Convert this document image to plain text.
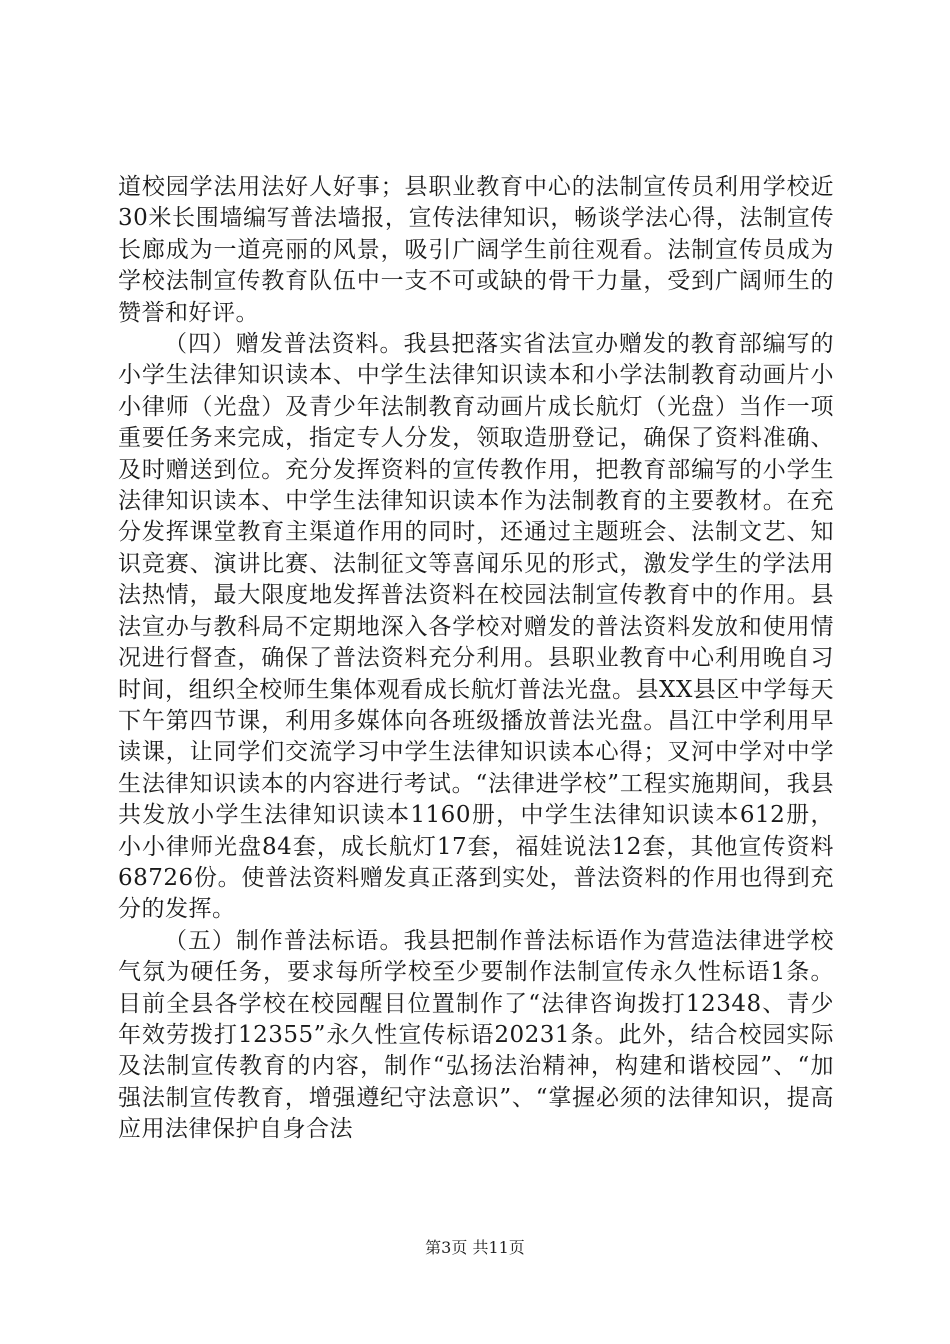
道校园学法用法好人好事；县职业教育中心的法制宣传员利用学校近30米长围墙编写普法墙报，宣传法律知识，畅谈学法心得，法制宣传长廊成为一道亮丽的风景，吸引广阔学生前往观看。法制宣传员成为学校法制宣传教育队伍中一支不可或缺的骨干力量，受到广阔师生的赞誉和好评。

（四）赠发普法资料。我县把落实省法宣办赠发的教育部编写的小学生法律知识读本、中学生法律知识读本和小学法制教育动画片小小律师（光盘）及青少年法制教育动画片成长航灯（光盘）当作一项重要任务来完成，指定专人分发，领取造册登记，确保了资料准确、及时赠送到位。充分发挥资料的宣传教作用，把教育部编写的小学生法律知识读本、中学生法律知识读本作为法制教育的主要教材。在充分发挥课堂教育主渠道作用的同时，还通过主题班会、法制文艺、知识竞赛、演讲比赛、法制征文等喜闻乐见的形式，激发学生的学法用法热情，最大限度地发挥普法资料在校园法制宣传教育中的作用。县法宣办与教科局不定期地深入各学校对赠发的普法资料发放和使用情况进行督查，确保了普法资料充分利用。县职业教育中心利用晚自习时间，组织全校师生集体观看成长航灯普法光盘。县XX县区中学每天下午第四节课，利用多媒体向各班级播放普法光盘。昌江中学利用早读课，让同学们交流学习中学生法律知识读本心得；叉河中学对中学生法律知识读本的内容进行考试。“法律进学校”工程实施期间，我县共发放小学生法律知识读本1160册，中学生法律知识读本612册，小小律师光盘84套，成长航灯17套，福娃说法12套，其他宣传资料68726份。使普法资料赠发真正落到实处，普法资料的作用也得到充分的发挥。

（五）制作普法标语。我县把制作普法标语作为营造法律进学校气氛为硬任务，要求每所学校至少要制作法制宣传永久性标语1条。目前全县各学校在校园醒目位置制作了“法律咨询拨打12348、青少年效劳拨打12355”永久性宣传标语20231条。此外，结合校园实际及法制宣传教育的内容，制作“弘扬法治精神，构建和谐校园”、“加强法制宣传教育，增强遵纪守法意识”、“掌握必须的法律知识，提高应用法律保护自身合法

第3页 共11页
